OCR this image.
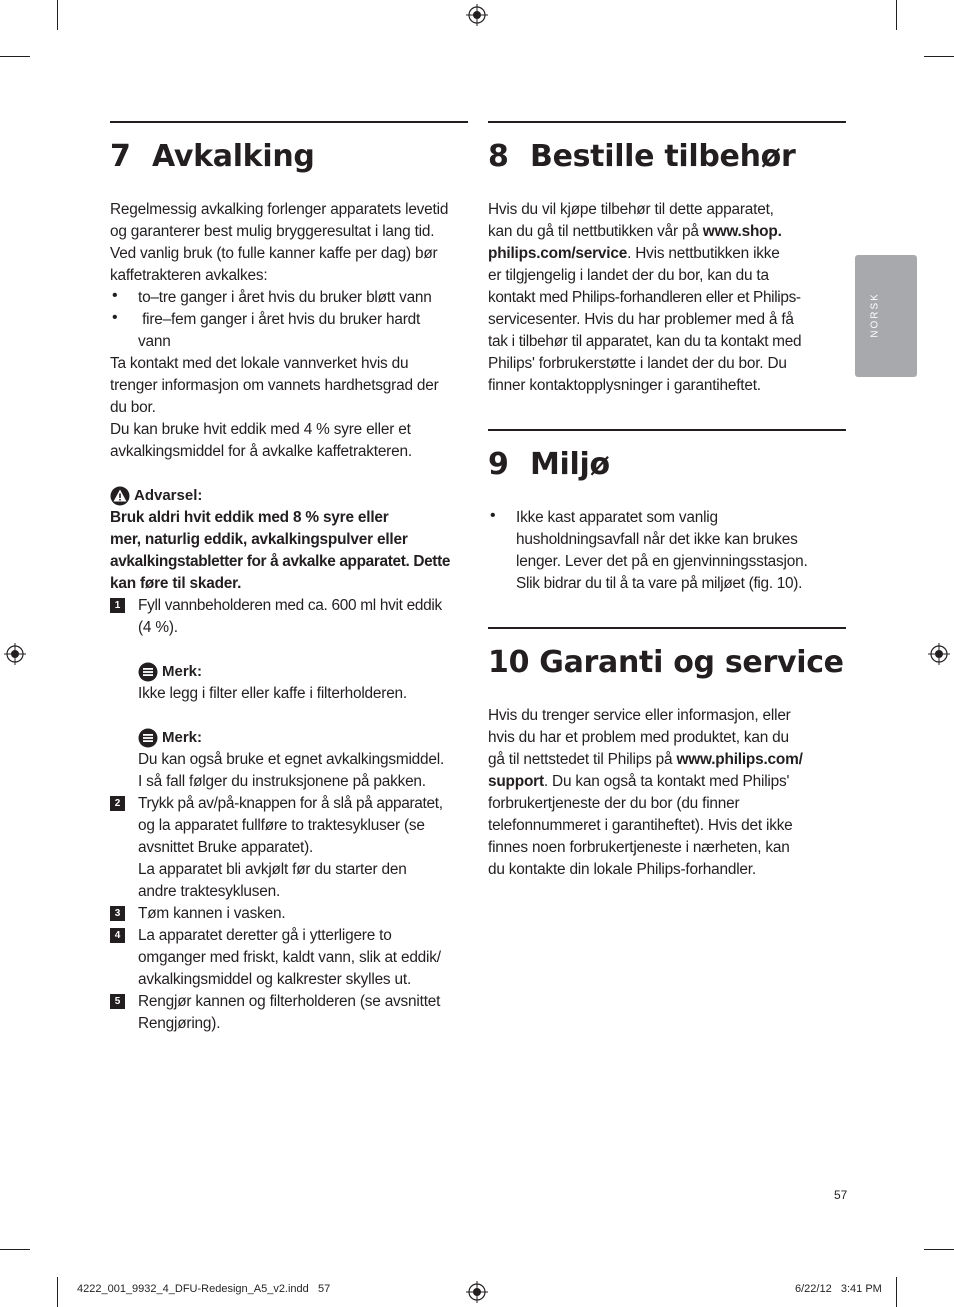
NORSK
7 Avkalking

Regelmessig avkalking forlenger apparatets levetid

og garanterer best mulig bryggeresultat i lang tid.

Ved vanlig bruk (to fulle kanner kaffe per dag) bør

kaffetrakteren avkalkes:

• to–tre ganger i året hvis du bruker bløtt vann

•  fire–fem ganger i året hvis du bruker hardt

vann

Ta kontakt med det lokale vannverket hvis du

trenger informasjon om vannets hardhetsgrad der

du bor.

Du kan bruke hvit eddik med 4 % syre eller et

avkalkingsmiddel for å avkalke kaffetrakteren.

Advarsel:

Bruk aldri hvit eddik med 8 % syre eller

mer, naturlig eddik, avkalkingspulver eller

avkalkingstabletter for å avkalke apparatet. Dette

kan føre til skader.

1	Fyll vannbeholderen med ca. 600 ml hvit eddik

(4 %).

Merk:

Ikke legg i filter eller kaffe i filterholderen.

Merk:

Du kan også bruke et egnet avkalkingsmiddel.

I så fall følger du instruksjonene på pakken.

2	Trykk på av/på-knappen for å slå på apparatet,

og la apparatet fullføre to traktesykluser (se

avsnittet Bruke apparatet).

La apparatet bli avkjølt før du starter den

andre traktesyklusen.

3	Tøm kannen i vasken.

4	La apparatet deretter gå i ytterligere to

omganger med friskt, kaldt vann, slik at eddik/

avkalkingsmiddel og kalkrester skylles ut.

5	Rengjør kannen og filterholderen (se avsnittet

Rengjøring).

8 Bestille tilbehør

Hvis du vil kjøpe tilbehør til dette apparatet,

kan du gå til nettbutikken vår på www.shop.

philips.com/service. Hvis nettbutikken ikke

er tilgjengelig i landet der du bor, kan du ta

kontakt med Philips-forhandleren eller et Philips-

servicesenter. Hvis du har problemer med å få

tak i tilbehør til apparatet, kan du ta kontakt med

Philips' forbrukerstøtte i landet der du bor. Du

finner kontaktopplysninger i garantiheftet.

9 Miljø

• Ikke kast apparatet som vanlig

husholdningsavfall når det ikke kan brukes

lenger. Lever det på en gjenvinningsstasjon.

Slik bidrar du til å ta vare på miljøet (fig. 10).

10 Garanti og service

Hvis du trenger service eller informasjon, eller

hvis du har et problem med produktet, kan du

gå til nettstedet til Philips på www.philips.com/

support. Du kan også ta kontakt med Philips'

forbrukertjeneste der du bor (du finner

telefonnummeret i garantiheftet). Hvis det ikke

finnes noen forbrukertjeneste i nærheten, kan

du kontakte din lokale Philips-forhandler.

57
4222_001_9932_4_DFU-Redesign_A5_v2.indd   57	6/22/12   3:41 PM
